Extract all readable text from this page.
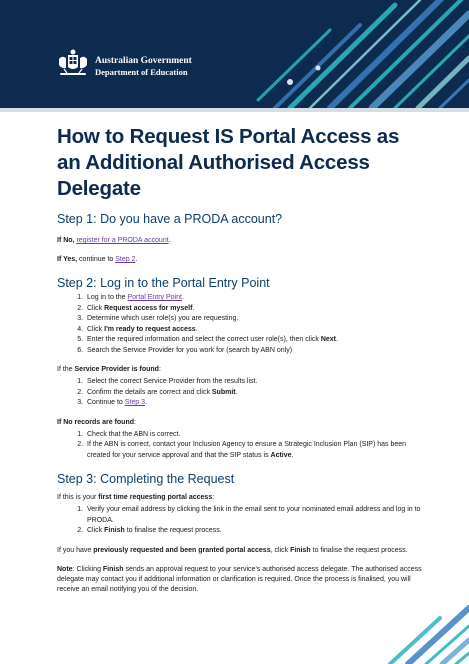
Australian Government
Department of Education
How to Request IS Portal Access as an Additional Authorised Access Delegate
Step 1: Do you have a PRODA account?

If No, register for a PRODA account.

If Yes, continue to Step 2.

Step 2: Log in to the Portal Entry Point
1. Log in to the Portal Entry Point.
2. Click Request access for myself.
3. Determine which user role(s) you are requesting.
4. Click I'm ready to request access.
5. Enter the required information and select the correct user role(s), then click Next.
6. Search the Service Provider for you work for (search by ABN only)

If the Service Provider is found:

1. Select the correct Service Provider from the results list.
2. Confirm the details are correct and click Submit.
3. Continue to Step 3.

If No records are found:

1. Check that the ABN is correct.
2. If the ABN is correct, contact your Inclusion Agency to ensure a Strategic Inclusion Plan (SIP) has been created for your service approval and that the SIP status is Active.
Step 3: Completing the Request

If this is your first time requesting portal access:

1. Verify your email address by clicking the link in the email sent to your nominated email address and log in to PRODA.
2. Click Finish to finalise the request process.

If you have previously requested and been granted portal access, click Finish to finalise the request process.

Note: Clicking Finish sends an approval request to your service's authorised access delegate. The authorised access delegate may contact you if additional information or clarification is required. Once the process is finalised, you will receive an email notifying you of the decision.
